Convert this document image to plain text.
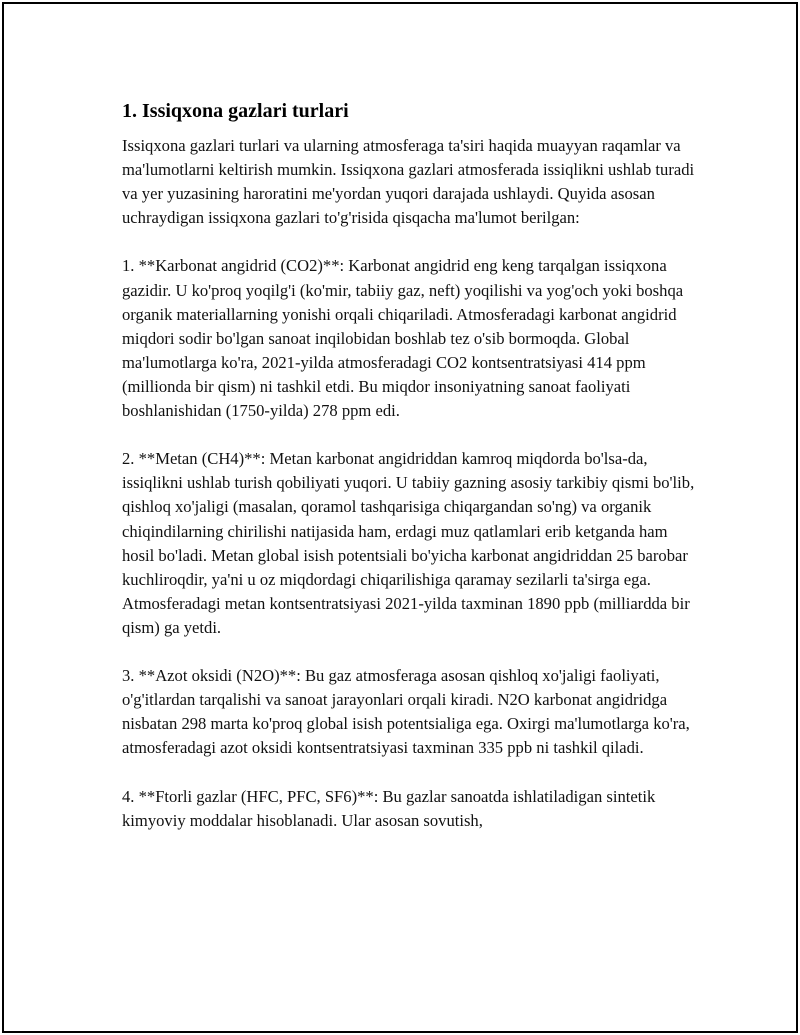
1. Issiqxona gazlari turlari

Issiqxona gazlari turlari va ularning atmosferaga ta'siri haqida muayyan raqamlar va ma'lumotlarni keltirish mumkin. Issiqxona gazlari atmosferada issiqlikni ushlab turadi va yer yuzasining haroratini me'yordan yuqori darajada ushlaydi. Quyida asosan uchraydigan issiqxona gazlari to'g'risida qisqacha ma'lumot berilgan:

1. **Karbonat angidrid (CO2)**: Karbonat angidrid eng keng tarqalgan issiqxona gazidir. U ko'proq yoqilg'i (ko'mir, tabiiy gaz, neft) yoqilishi va yog'och yoki boshqa organik materiallarning yonishi orqali chiqariladi. Atmosferadagi karbonat angidrid miqdori sodir bo'lgan sanoat inqilobidan boshlab tez o'sib bormoqda. Global ma'lumotlarga ko'ra, 2021-yilda atmosferadagi CO2 kontsentratsiyasi 414 ppm (millionda bir qism) ni tashkil etdi. Bu miqdor insoniyatning sanoat faoliyati boshlanishidan (1750-yilda) 278 ppm edi.

2. **Metan (CH4)**: Metan karbonat angidriddan kamroq miqdorda bo'lsa-da, issiqlikni ushlab turish qobiliyati yuqori. U tabiiy gazning asosiy tarkibiy qismi bo'lib, qishloq xo'jaligi (masalan, qoramol tashqarisiga chiqargandan so'ng) va organik chiqindilarning chirilishi natijasida ham, erdagi muz qatlamlari erib ketganda ham hosil bo'ladi. Metan global isish potentsiali bo'yicha karbonat angidriddan 25 barobar kuchliroqdir, ya'ni u oz miqdordagi chiqarilishiga qaramay sezilarli ta'sirga ega. Atmosferadagi metan kontsentratsiyasi 2021-yilda taxminan 1890 ppb (milliardda bir qism) ga yetdi.

3. **Azot oksidi (N2O)**: Bu gaz atmosferaga asosan qishloq xo'jaligi faoliyati, o'g'itlardan tarqalishi va sanoat jarayonlari orqali kiradi. N2O karbonat angidridga nisbatan 298 marta ko'proq global isish potentsialiga ega. Oxirgi ma'lumotlarga ko'ra, atmosferadagi azot oksidi kontsentratsiyasi taxminan 335 ppb ni tashkil qiladi.

4. **Ftorli gazlar (HFC, PFC, SF6)**: Bu gazlar sanoatda ishlatiladigan sintetik kimyoviy moddalar hisoblanadi. Ular asosan sovutish,
